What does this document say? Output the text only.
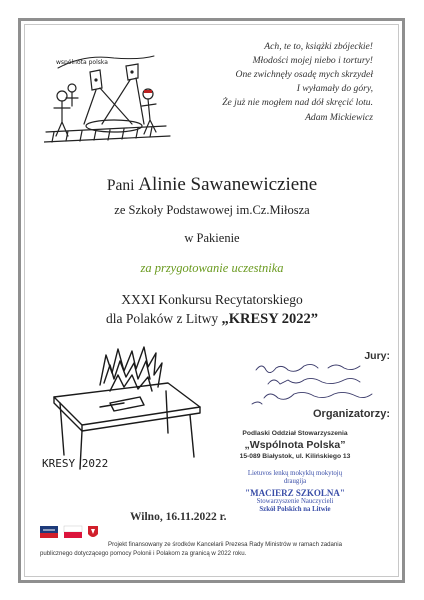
wspólnota polska
Ach, te to, książki zbójeckie!
Młodości mojej niebo i tortury!
One zwichnęły osadę mych skrzydeł
I wyłamały do góry,
Że już nie mogłem nad dół skręcić lotu.
Adam Mickiewicz
Pani Alinie Sawanewiczienе
ze Szkoły Podstawowej im.Cz.Miłosza
w Pakienie
za przygotowanie uczestnika
XXXI Konkursu Recytatorskiego
dla Polaków z Litwy „KRESY 2022”
KRESY 2022
Jury:
Organizatorzy:
Podlaski Oddział Stowarzyszenia
„Wspólnota Polska”
15-089 Białystok, ul. Kilińskiego 13
Lietuvos lenkų mokyklų mokytojų
draugija
"MACIERZ SZKOLNA"
Stowarzyszenie Nauczycieli
Szkół Polskich na Litwie
Wilno, 16.11.2022 r.
Projekt finansowany ze środków Kancelarii Prezesa Rady Ministrów w ramach zadania
publicznego dotyczącego pomocy Polonii i Polakom za granicą w 2022 roku.
